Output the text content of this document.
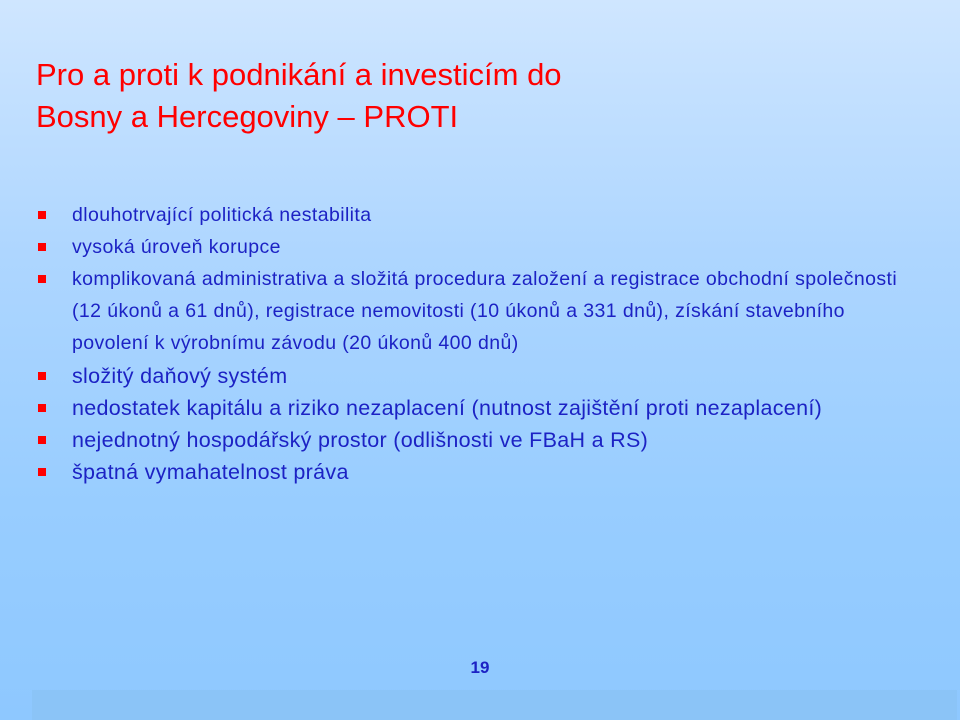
Pro a proti k podnikání a investicím do
Bosny a Hercegoviny – PROTI
dlouhotrvající politická nestabilita
vysoká úroveň korupce
komplikovaná administrativa a složitá procedura založení a registrace obchodní společnosti (12 úkonů a 61 dnů), registrace nemovitosti (10 úkonů a 331 dnů), získání stavebního povolení k výrobnímu závodu (20 úkonů 400 dnů)
složitý daňový systém
nedostatek kapitálu a riziko nezaplacení (nutnost zajištění proti nezaplacení)
nejednotný hospodářský prostor (odlišnosti ve FBaH a RS)
špatná vymahatelnost práva
19
